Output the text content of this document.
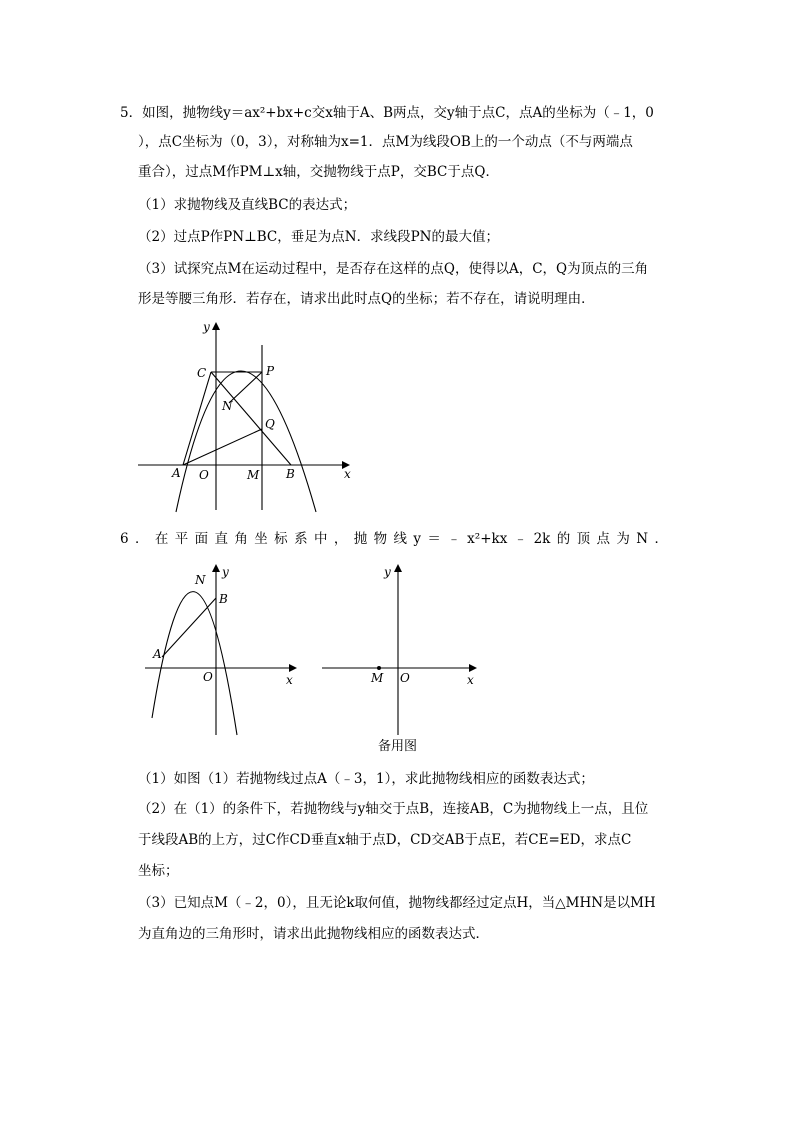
5．如图，抛物线y＝ax²+bx+c交x轴于A、B两点，交y轴于点C，点A的坐标为（﹣1，0
），点C坐标为（0，3），对称轴为x=1．点M为线段OB上的一个动点（不与两端点
重合），过点M作PM⊥x轴，交抛物线于点P，交BC于点Q．
（1）求抛物线及直线BC的表达式；
（2）过点P作PN⊥BC，垂足为点N．求线段PN的最大值；
（3）试探究点M在运动过程中，是否存在这样的点Q，使得以A，C，Q为顶点的三角
形是等腰三角形．若存在，请求出此时点Q的坐标；若不存在，请说明理由．
y
C	P
N
Q
A O	M B	x
6．在平面直角坐标系中，抛物线y＝﹣x²+kx﹣2k的顶点为N．
N
y
B
A
O	x
y
M O	x
备用图
（1）如图（1）若抛物线过点A（﹣3，1），求此抛物线相应的函数表达式；
（2）在（1）的条件下，若抛物线与y轴交于点B，连接AB，C为抛物线上一点，且位
于线段AB的上方，过C作CD垂直x轴于点D，CD交AB于点E，若CE=ED，求点C
坐标；
（3）已知点M（﹣2，0），且无论k取何值，抛物线都经过定点H，当△MHN是以MH
为直角边的三角形时，请求出此抛物线相应的函数表达式．
